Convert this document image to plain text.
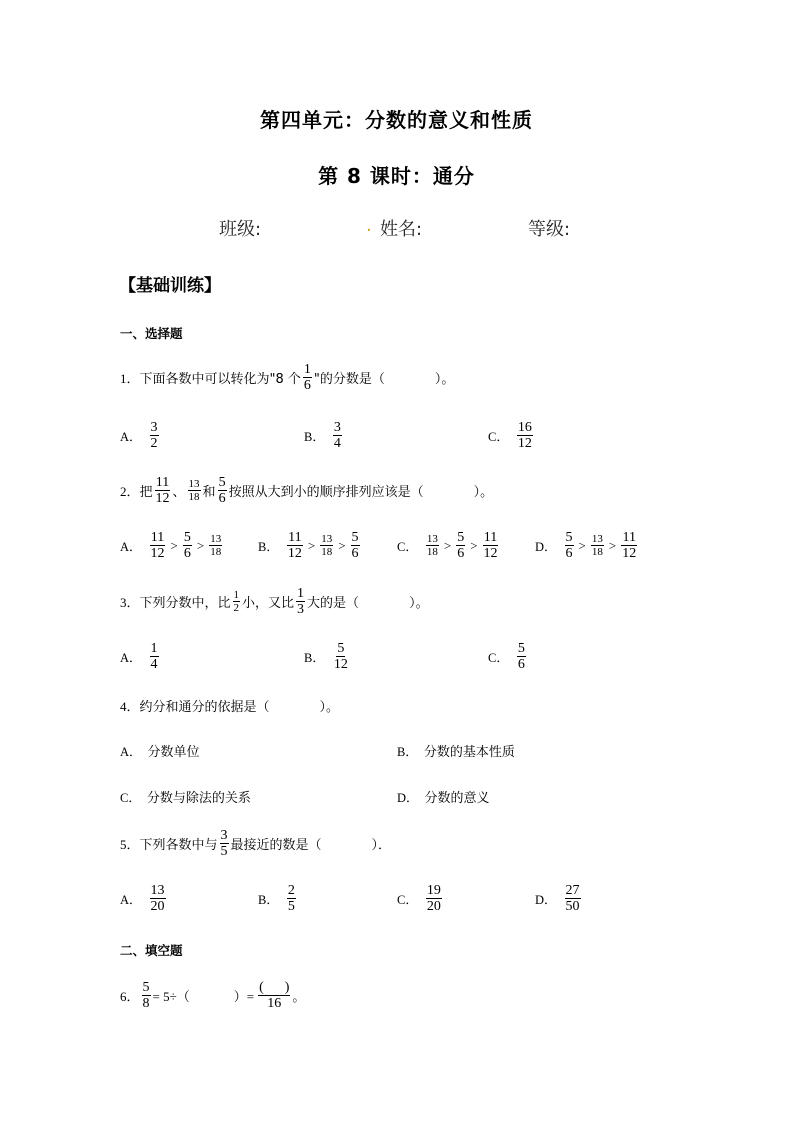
第四单元：分数的意义和性质
第 8 课时：通分
班级:	. 姓名:	等级:
【基础训练】
一、选择题
1． 下面各数中可以转化为"8 个 $\frac{1}{6}$ "的分数是（	）。
A． $\frac{3}{2}$	B． $\frac{3}{4}$	C． $\frac{16}{12}$
2． 把 $\frac{11}{12}$ 、 $\frac{13}{18}$ 和 $\frac{5}{6}$ 按照从大到小的顺序排列应该是（	）。
A． $\frac{11}{12} > \frac{5}{6} > \frac{13}{18}$	B． $\frac{11}{12} > \frac{13}{18} > \frac{5}{6}$	C． $\frac{13}{18} > \frac{5}{6} > \frac{11}{12}$	D． $\frac{5}{6} > \frac{13}{18} > \frac{11}{12}$
3． 下列分数中，比 $\frac{1}{2}$ 小，又比 $\frac{1}{3}$ 大的是（	）。
A． $\frac{1}{4}$	B． $\frac{5}{12}$	C． $\frac{5}{6}$
4． 约分和通分的依据是（	）。
A． 分数单位	B． 分数的基本性质
C． 分数与除法的关系	D． 分数的意义
5． 下列各数中与 $\frac{3}{5}$ 最接近的数是（	）．
A． $\frac{13}{20}$	B． $\frac{2}{5}$	C． $\frac{19}{20}$	D． $\frac{27}{50}$
二、填空题
6． $\frac{5}{8} = 5\div$（	）= $\frac{( )}{16}$ 。
